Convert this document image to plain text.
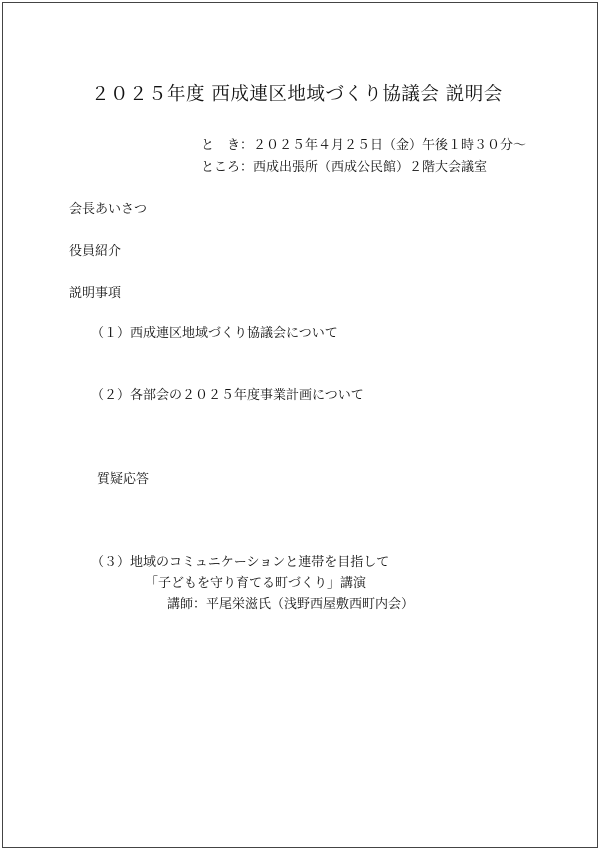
２０２５年度 西成連区地域づくり協議会 説明会
と　き：２０２５年４月２５日（金）午後１時３０分～
ところ：西成出張所（西成公民館）２階大会議室
会長あいさつ
役員紹介
説明事項
（１）西成連区地域づくり協議会について
（２）各部会の２０２５年度事業計画について
質疑応答
（３）地域のコミュニケーションと連帯を目指して
「子どもを守り育てる町づくり」講演
講師：平尾栄滋氏（浅野西屋敷西町内会）
